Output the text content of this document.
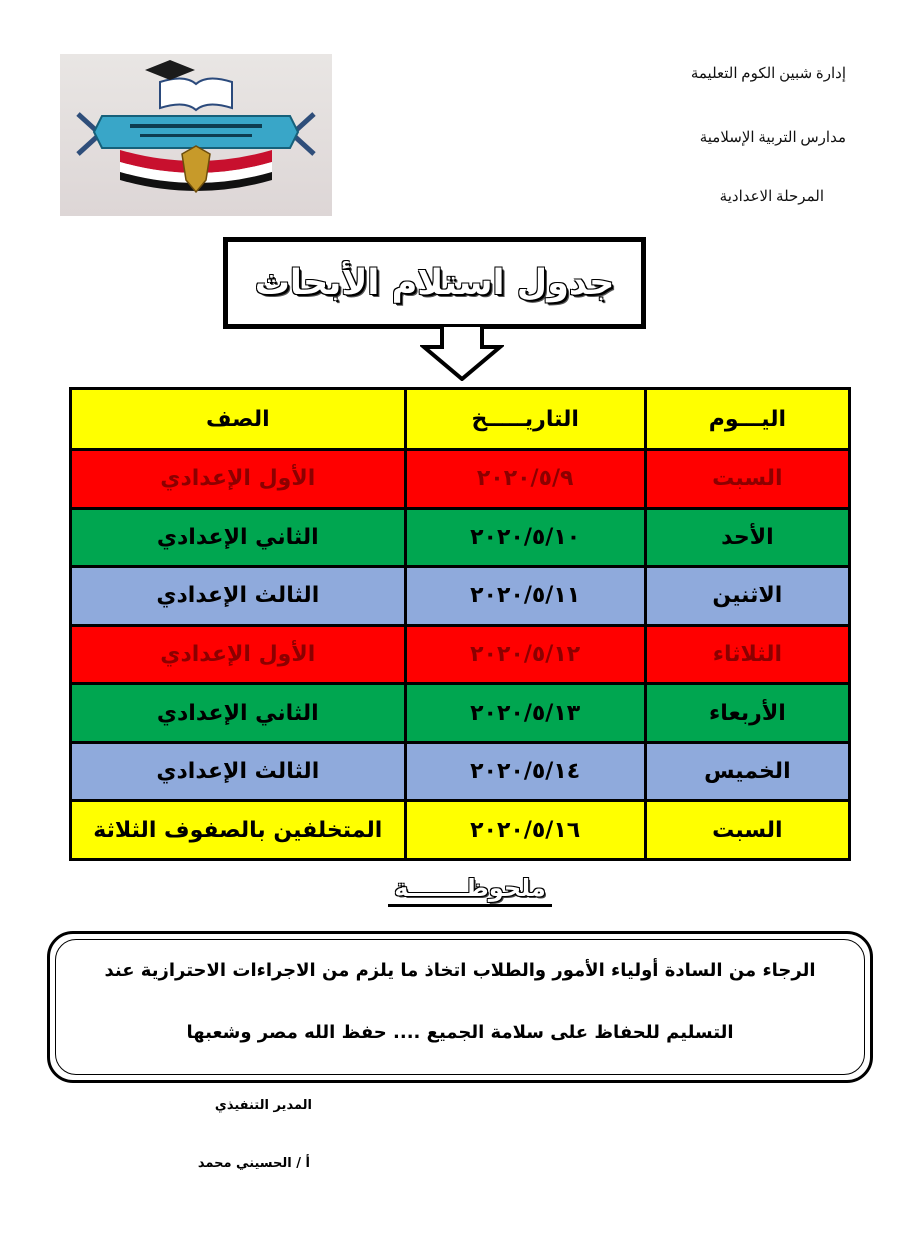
إدارة شبين الكوم التعليمة
مدارس التربية الإسلامية
المرحلة الاعدادية
جدول استلام الأبحاث
اليـــوم	التاريـــــخ	الصف
السبت	٢٠٢٠/٥/٩	الأول الإعدادي
الأحد	٢٠٢٠/٥/١٠	الثاني الإعدادي
الاثنين	٢٠٢٠/٥/١١	الثالث الإعدادي
الثلاثاء	٢٠٢٠/٥/١٢	الأول الإعدادي
الأربعاء	٢٠٢٠/٥/١٣	الثاني الإعدادي
الخميس	٢٠٢٠/٥/١٤	الثالث الإعدادي
السبت	٢٠٢٠/٥/١٦	المتخلفين بالصفوف الثلاثة
ملحوظـــــــة
الرجاء من السادة أولياء الأمور والطلاب اتخاذ ما يلزم من الاجراءات الاحترازية عند
التسليم للحفاظ على سلامة الجميع .... حفظ الله مصر وشعبها
المدير التنفيذي
أ / الحسيني محمد
